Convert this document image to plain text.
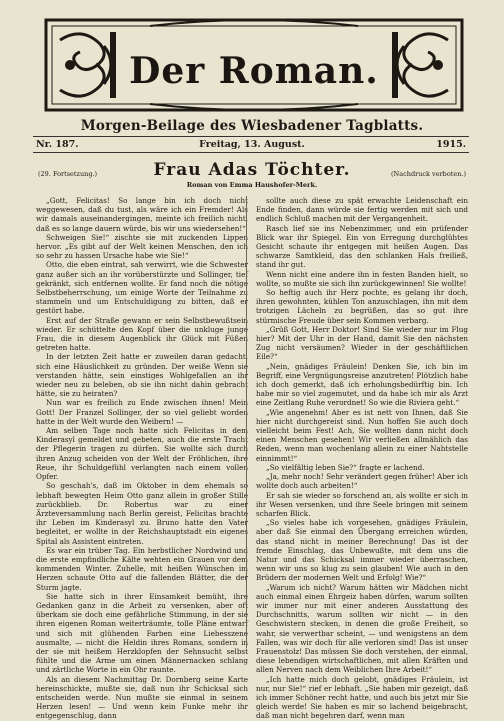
Der Roman.
Morgen-Beilage des Wiesbadener Tagblatts.
Nr. 187.	Freitag, 13. August.	1915.
(29. Fortsetzung.)	Frau Adas Töchter.	(Nachdruck verboten.)
Roman von Emma Haushofer-Merk.

„Gott, Felicitas! So lange bin ich doch nicht weggewesen, daß du tust, als wäre ich ein Fremder! Als wir damals auseinandergingen, meinte ich freilich nicht, daß es so lange dauern würde, bis wir uns wiedersehen!“

Schweigen Sie!“ zischte sie mit zuckenden Lippen hervor. „Es gibt auf der Welt keinen Menschen, den ich so sehr zu hassen Ursache habe wie Sie!“

Otto, die eben eintrat, sah verwirrt, wie die Schwester ganz außer sich an ihr vorüberstürzte und Sollinger, tief gekränkt, sich entfernen wollte. Er fand noch die nötige Selbstbeherrschung, um einige Worte der Teilnahme zu stammeln und um Entschuldigung zu bitten, daß er gestört habe.

Erst auf der Straße gewann er sein Selbstbewußtsein wieder. Er schüttelte den Kopf über die unkluge junge Frau, die in diesem Augenblick ihr Glück mit Füßen getreten hatte.

In der letzten Zeit hatte er zuweilen daran gedacht, sich eine Häuslichkeit zu gründen. Der weiße Wenn sie verstanden hätte, sein einstiges Wohlgefallen an ihr wieder neu zu beleben, ob sie ihn nicht dahin gebracht hätte, sie zu heiraten?

Nun war es freilich zu Ende zwischen ihnen! Mein Gott! Der Franzel Sollinger, der so viel geliebt worden hatte in der Welt wurde den Weibern! —

Am selben Tage noch hatte sich Felicitas in dem Kinderasyl gemeldet und gebeten, auch die erste Tracht der Pflegerin tragen zu dürfen. Sie wollte sich durch ihren Anzug scheiden von der Welt der Fröhlichen, ihre Reue, ihr Schuldgefühl verlangten nach einem vollen Opfer.

So geschah's, daß im Oktober in dem ehemals so lebhaft bewegten Heim Otto ganz allein in großer Stille zurückblieb. Dr. Robertus war zu einer Ärzteversammlung nach Berlin gereist, Felicitas brachte ihr Leben im Kinderasyl zu. Bruno hatte den Vater begleitet, er wollte in der Reichshauptstadt ein eigenes Spital als Assistent eintreten.

Es war ein trüber Tag. Ein herbstlicher Nordwind und die erste empfindliche Kälte wehten ein Grauen vor dem kommenden Winter. Zuhelle, mit heißen Wünschen im Herzen schaute Otto auf die fallenden Blätter, die der Sturm jagte.

Sie hatte sich in ihrer Einsamkeit bemüht, ihre Gedanken ganz in die Arbeit zu versenken, aber oft überkam sie doch eine gefährliche Stimmung, in der sie ihren eigenen Roman weiterträumte, tolle Pläne entwarf und sich mit glühenden Farben eine Liebesszene ausmalte, — nicht die Heldin ihres Romans, sondern in der sie mit heißem Herzklopfen der Sehnsucht selbst fühlte und die Arme um einen Männernacken schlang und zärtliche Worte in ein Ohr raunte.

Als an diesem Nachmittag Dr. Dornberg seine Karte hereinschickte, mußte sie, daß nun ihr Schicksal sich entscheiden werde. Nun mußte sie einmal in seinem Herzen lesen! — Und wenn kein Funke mehr ihr entgegenschlug, dann

sollte auch diese zu spät erwachte Leidenschaft ein Ende finden, dann würde sie fertig werden mit sich und endlich Schluß machen mit der Vergangenheit.

Rasch lief sie ins Nebenzimmer, und ein prüfender Blick war ihr Spiegel. Ein von Erregung durchglühtes Gesicht schaute ihr entgegen mit heißen Augen. Das schwarze Samtkleid, das den schlanken Hals freiließ, stand ihr gut.

Wenn nicht eine andere ihn in festen Banden hielt, so wollte, so mußte sie sich ihn zurückgewinnen! Sie wollte!

So heftig auch ihr Herz pochte, es gelang ihr doch, ihren gewohnten, kühlen Ton anzuschlagen, ihn mit dem trotzigen Lächeln zu begrüßen, das so gut ihre stürmische Freude über sein Kommen verbarg.

„Grüß Gott, Herr Doktor! Sind Sie wieder nur im Flug hier? Mit der Uhr in der Hand, damit Sie den nächsten Zug nicht versäumen? Wieder in der geschäftlichen Eile?“

„Nein, gnädiges Fräulein! Denken Sie, ich bin im Begriff, eine Vergnügungsreise anzutreten! Plötzlich habe ich doch gemerkt, daß ich erholungsbedürftig bin. Ich habe mir so viel zugemutet, und da habe ich mir als Arzt eine Zeitlang Ruhe verordnet! So wie die Riviera geht.“

„Wie angenehm! Aber es ist nett von Ihnen, daß Sie hier nicht durchgereist sind. Nun hoffen Sie auch doch vielleicht beim Fest! Ach, Sie wollten dann nicht doch einen Menschen gesehen! Wir verließen allmählich das Reden, wenn man wochenlang allein zu einer Nahtstelle einnimmt!“

„So vielfältig leben Sie?“ fragte er lachend.

„Ja, mehr noch! Sehr verändert gegen früher! Aber ich wollte doch auch arbeiten!“

Er sah sie wieder so forschend an, als wollte er sich in ihr Wesen versenken, und ihre Seele bringen mit seinem scharfen Blick.

„So vieles habe ich vorgesehen, gnädiges Fräulein, aber daß Sie einmal den Übergang erreichen würden, das stand nicht in meiner Berechnung! Das ist der fremde Einschlag, das Unbewußte, mit dem uns die Natur und das Schicksal immer wieder überraschen, wenn wir uns so klug zu sein glauben! Wie auch in den Brüdern der modernen Welt und Erfolg! Wie?“

„Warum ich nicht? Warum hätten wir Mädchen nicht auch einmal einen Ehrgeiz haben dürfen, warum sollten wir immer nur mit einer anderen Ausstattung des Durchschnitts, warum sollten wir nicht — in den Geschwistern stecken, in denen die große Freiheit, so wahr, sie verwertbar scheint, — und wenigstens an dem Fallen, was wir doch für alle verloren sind! Das ist unser Frauenstolz! Das müssen Sie doch verstehen, der einmal, diese lebendigen wirtschaftlichen, mit allen Kräften und allen Nerven nach dem Weiblichen Ihre Arbeit!“

„Ich hatte mich doch gelobt, gnädiges Fräulein, ist nur, nur Sie!“ rief er lebhaft. „Sie haben mir gezeigt, daß ich immer Schöner recht hatte, und auch bis jetzt mir Sie gleich werde! Sie haben es mir so lachend beigebracht, daß man nicht begehren darf, wenn man
